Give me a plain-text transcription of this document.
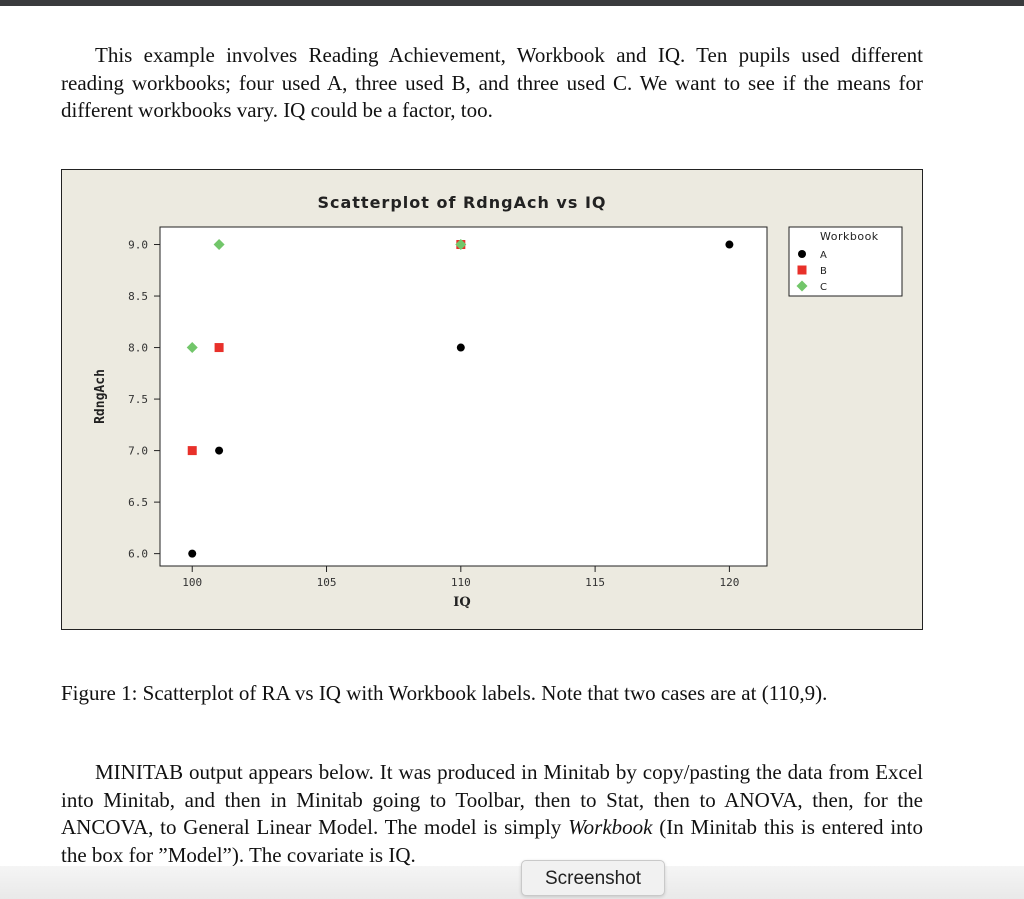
This example involves Reading Achievement, Workbook and IQ. Ten pupils used different reading workbooks; four used A, three used B, and three used C. We want to see if the means for different workbooks vary. IQ could be a factor, too.

Scatterplot of RdngAch vs IQ
6.0
6.5
7.0
7.5
8.0
8.5
9.0
100	105	110	115	120
IQ
RdngAch
Workbook
A
B
C

Figure 1: Scatterplot of RA vs IQ with Workbook labels. Note that two cases are at (110,9).

MINITAB output appears below. It was produced in Minitab by copy/pasting the data from Excel into Minitab, and then in Minitab going to Toolbar, then to Stat, then to ANOVA, then, for the ANCOVA, to General Linear Model. The model is simply Workbook (In Minitab this is entered into the box for ”Model”). The covariate is IQ.

Screenshot
